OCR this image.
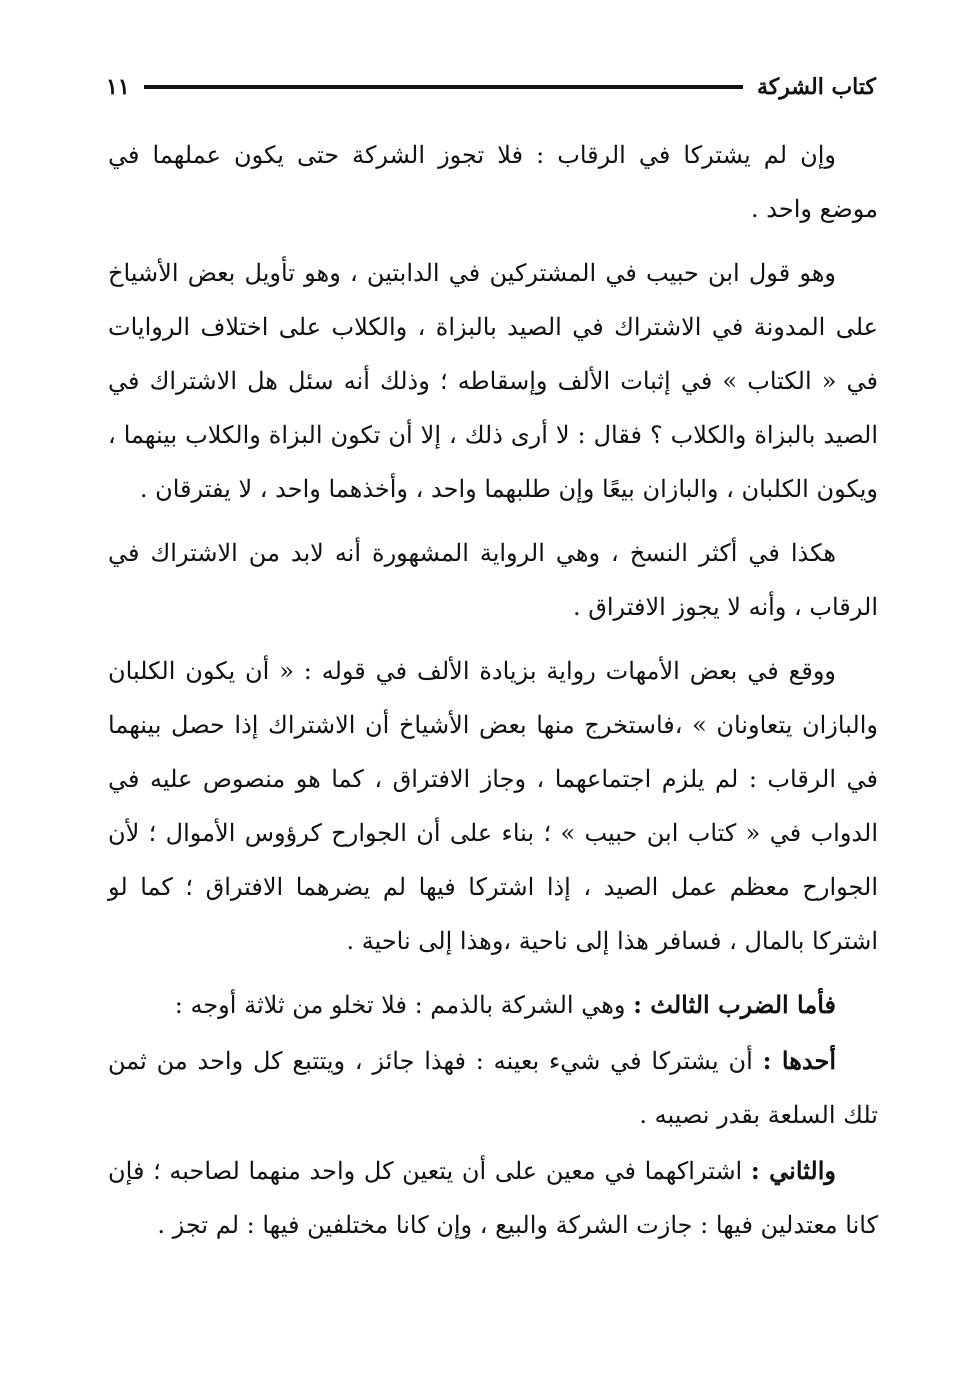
كتاب الشركة
١١

وإن لم يشتركا في الرقاب : فلا تجوز الشركة حتى يكون عملهما في موضع واحد .

وهو قول ابن حبيب في المشتركين في الدابتين ، وهو تأويل بعض الأشياخ على المدونة في الاشتراك في الصيد بالبزاة ، والكلاب على اختلاف الروايات في « الكتاب » في إثبات الألف وإسقاطه ؛ وذلك أنه سئل هل الاشتراك في الصيد بالبزاة والكلاب ؟ فقال : لا أرى ذلك ، إلا أن تكون البزاة والكلاب بينهما ، ويكون الكلبان ، والبازان بيعًا وإن طلبهما واحد ، وأخذهما واحد ، لا يفترقان .

هكذا في أكثر النسخ ، وهي الرواية المشهورة أنه لابد من الاشتراك في الرقاب ، وأنه لا يجوز الافتراق .

ووقع في بعض الأمهات رواية بزيادة الألف في قوله : « أن يكون الكلبان والبازان يتعاونان » ،فاستخرج منها بعض الأشياخ أن الاشتراك إذا حصل بينهما في الرقاب : لم يلزم اجتماعهما ، وجاز الافتراق ، كما هو منصوص عليه في الدواب في « كتاب ابن حبيب » ؛ بناء على أن الجوارح كرؤوس الأموال ؛ لأن الجوارح معظم عمل الصيد ، إذا اشتركا فيها لم يضرهما الافتراق ؛ كما لو اشتركا بالمال ، فسافر هذا إلى ناحية ،وهذا إلى ناحية .

فأما الضرب الثالث : وهي الشركة بالذمم : فلا تخلو من ثلاثة أوجه :

أحدها : أن يشتركا في شيء بعينه : فهذا جائز ، ويتتبع كل واحد من ثمن تلك السلعة بقدر نصيبه .

والثاني : اشتراكهما في معين على أن يتعين كل واحد منهما لصاحبه ؛ فإن كانا معتدلين فيها : جازت الشركة والبيع ، وإن كانا مختلفين فيها : لم تجز .
